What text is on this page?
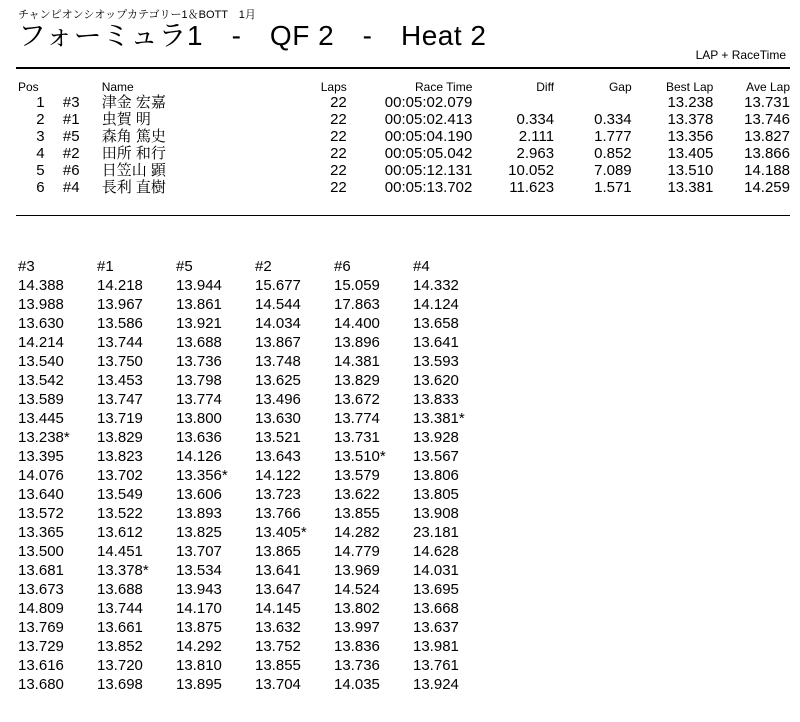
チャンピオンシオップカテゴリー1＆BOTT　1月
フォーミュラ1　-　QF 2　-　Heat 2
LAP + RaceTime
Pos		Name	Laps	Race Time	Diff	Gap	Best Lap	Ave Lap
1	#3	津金 宏嘉	22	00:05:02.079			13.238	13.731
2	#1	虫賀 明	22	00:05:02.413	0.334	0.334	13.378	13.746
3	#5	森角 篤史	22	00:05:04.190	2.111	1.777	13.356	13.827
4	#2	田所 和行	22	00:05:05.042	2.963	0.852	13.405	13.866
5	#6	日笠山 顕	22	00:05:12.131	10.052	7.089	13.510	14.188
6	#4	長利 直樹	22	00:05:13.702	11.623	1.571	13.381	14.259
#3	#1	#5	#2	#6	#4
14.388	14.218	13.944	15.677	15.059	14.332
13.988	13.967	13.861	14.544	17.863	14.124
13.630	13.586	13.921	14.034	14.400	13.658
14.214	13.744	13.688	13.867	13.896	13.641
13.540	13.750	13.736	13.748	14.381	13.593
13.542	13.453	13.798	13.625	13.829	13.620
13.589	13.747	13.774	13.496	13.672	13.833
13.445	13.719	13.800	13.630	13.774	13.381*
13.238*	13.829	13.636	13.521	13.731	13.928
13.395	13.823	14.126	13.643	13.510*	13.567
14.076	13.702	13.356*	14.122	13.579	13.806
13.640	13.549	13.606	13.723	13.622	13.805
13.572	13.522	13.893	13.766	13.855	13.908
13.365	13.612	13.825	13.405*	14.282	23.181
13.500	14.451	13.707	13.865	14.779	14.628
13.681	13.378*	13.534	13.641	13.969	14.031
13.673	13.688	13.943	13.647	14.524	13.695
14.809	13.744	14.170	14.145	13.802	13.668
13.769	13.661	13.875	13.632	13.997	13.637
13.729	13.852	14.292	13.752	13.836	13.981
13.616	13.720	13.810	13.855	13.736	13.761
13.680	13.698	13.895	13.704	14.035	13.924
